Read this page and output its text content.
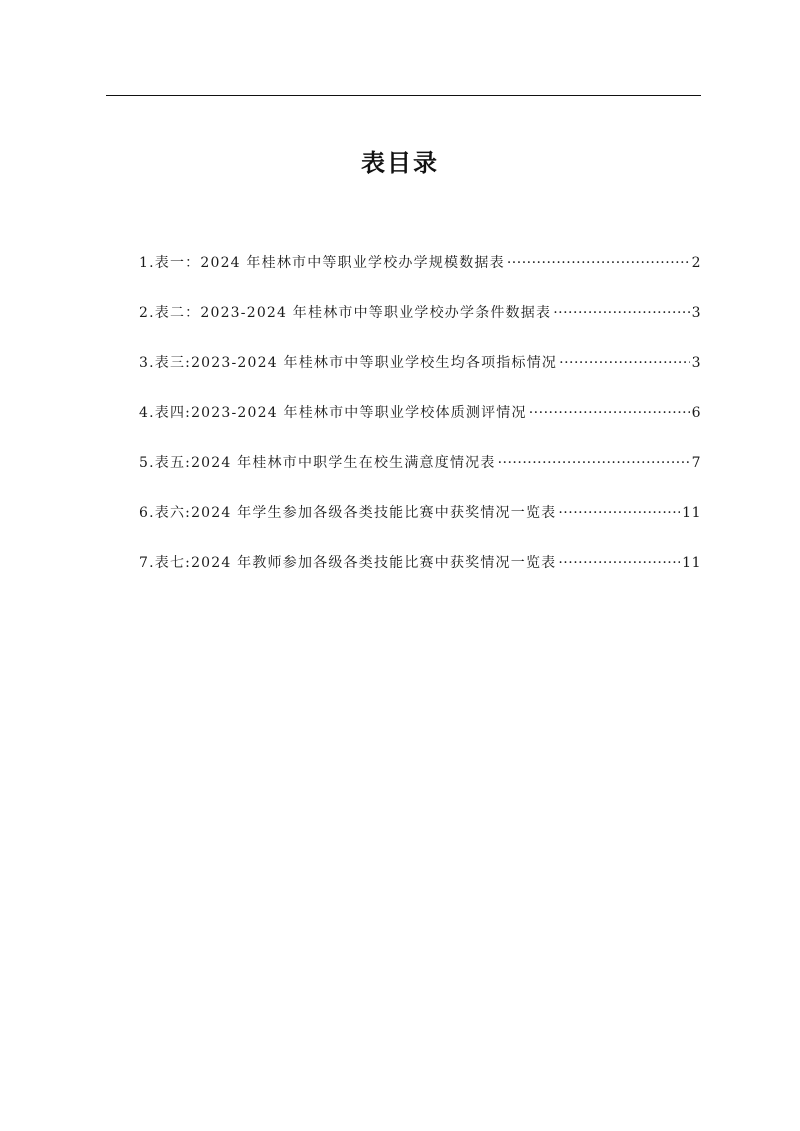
表目录
1.表一：2024 年桂林市中等职业学校办学规模数据表 ·····	2
2.表二：2023-2024 年桂林市中等职业学校办学条件数据表 ·····	3
3.表三:2023-2024 年桂林市中等职业学校生均各项指标情况 ·····	3
4.表四:2023-2024 年桂林市中等职业学校体质测评情况 ·····	6
5.表五:2024 年桂林市中职学生在校生满意度情况表 ·····	7
6.表六:2024 年学生参加各级各类技能比赛中获奖情况一览表 ·····	11
7.表七:2024 年教师参加各级各类技能比赛中获奖情况一览表 ·····	11
